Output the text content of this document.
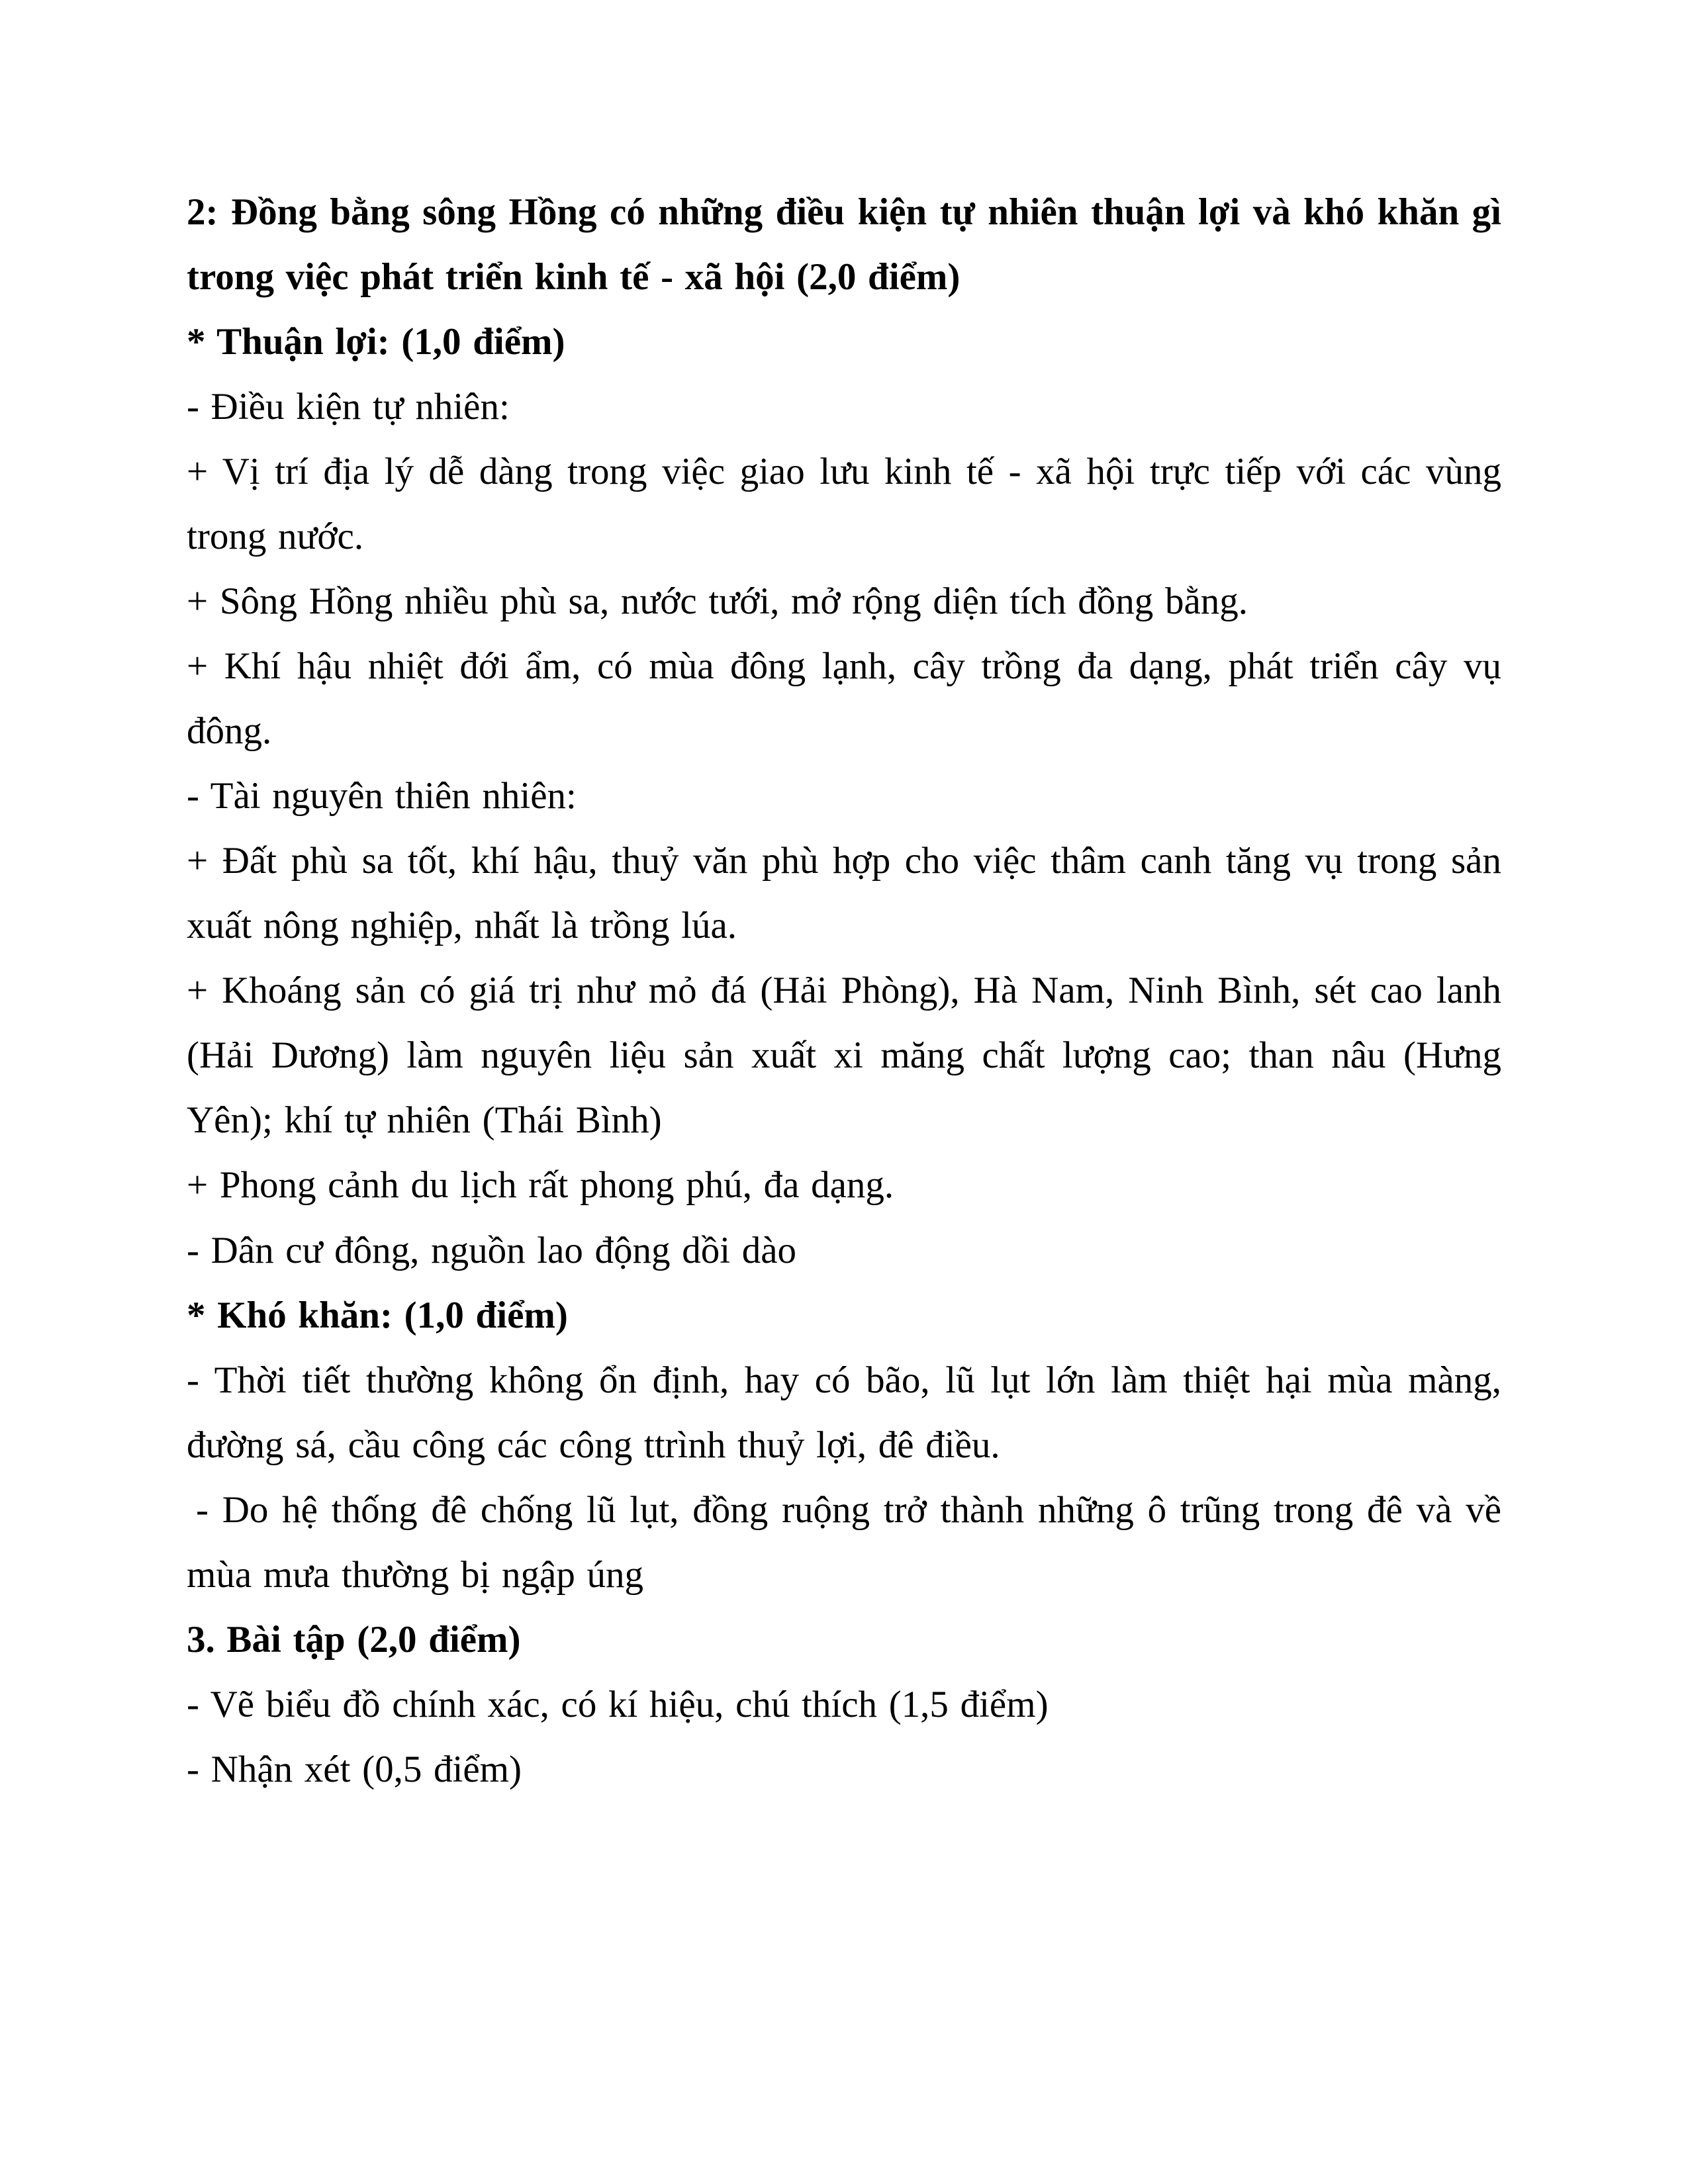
2: Đồng bằng sông Hồng có những điều kiện tự nhiên thuận lợi và khó khăn gì trong việc phát triển kinh tế - xã hội (2,0 điểm)

* Thuận lợi: (1,0 điểm)

- Điều kiện tự nhiên:

+ Vị trí địa lý dễ dàng trong việc giao lưu kinh tế - xã hội trực tiếp với các vùng trong nước.

+ Sông Hồng nhiều phù sa, nước tưới, mở rộng diện tích đồng bằng.

+ Khí hậu nhiệt đới ẩm, có mùa đông lạnh, cây trồng đa dạng, phát triển cây vụ đông.

- Tài nguyên thiên nhiên:

+ Đất phù sa tốt, khí hậu, thuỷ văn phù hợp cho việc thâm canh tăng vụ trong sản xuất nông nghiệp, nhất là trồng lúa.

+ Khoáng sản có giá trị như mỏ đá (Hải Phòng), Hà Nam, Ninh Bình, sét cao lanh (Hải Dương) làm nguyên liệu sản xuất xi măng chất lượng cao; than nâu (Hưng Yên); khí tự nhiên (Thái Bình)

+ Phong cảnh du lịch rất phong phú, đa dạng.

- Dân cư đông, nguồn lao động dồi dào

* Khó khăn: (1,0 điểm)

- Thời tiết thường không ổn định, hay có bão, lũ lụt lớn làm thiệt hại mùa màng, đường sá, cầu công các công ttrình thuỷ lợi, đê điều.

- Do hệ thống đê chống lũ lụt, đồng ruộng trở thành những ô trũng trong đê và về mùa mưa thường bị ngập úng

3. Bài tập (2,0 điểm)

- Vẽ biểu đồ chính xác, có kí hiệu, chú thích (1,5 điểm)

- Nhận xét (0,5 điểm)
